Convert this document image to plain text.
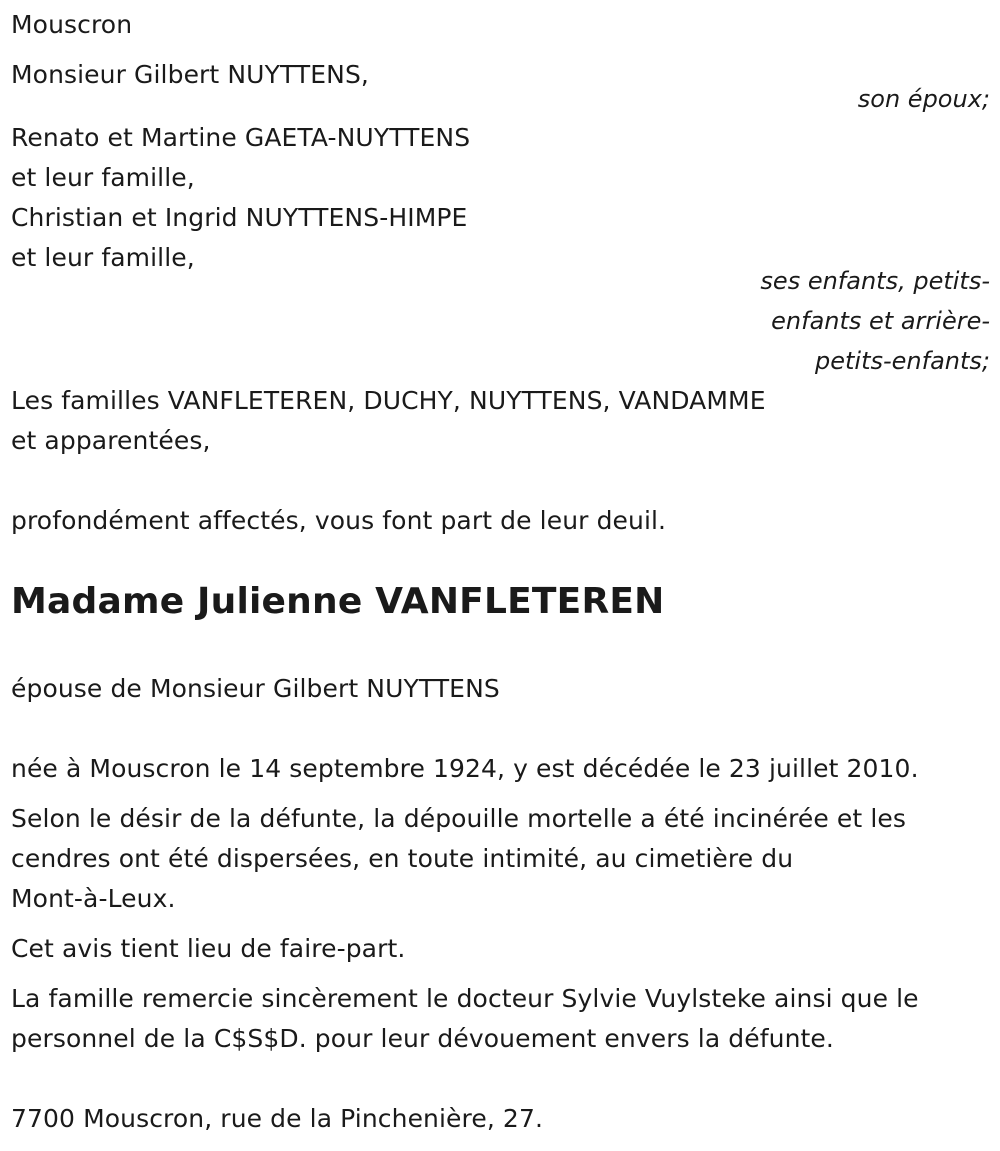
Mouscron
Monsieur Gilbert NUYTTENS,
son époux;
Renato et Martine GAETA-NUYTTENS
et leur famille,
Christian et Ingrid NUYTTENS-HIMPE
et leur famille,
ses enfants, petits-
enfants et arrière-
petits-enfants;
Les familles VANFLETEREN, DUCHY, NUYTTENS, VANDAMME
et apparentées,
profondément affectés, vous font part de leur deuil.
Madame Julienne VANFLETEREN
épouse de Monsieur Gilbert NUYTTENS
née à Mouscron le 14 septembre 1924, y est décédée le 23 juillet 2010.
Selon le désir de la défunte, la dépouille mortelle a été incinérée et les
cendres ont été dispersées, en toute intimité, au cimetière du
Mont-à-Leux.
Cet avis tient lieu de faire-part.
La famille remercie sincèrement le docteur Sylvie Vuylsteke ainsi que le
personnel de la C$S$D. pour leur dévouement envers la défunte.
7700 Mouscron, rue de la Pinchenière, 27.
